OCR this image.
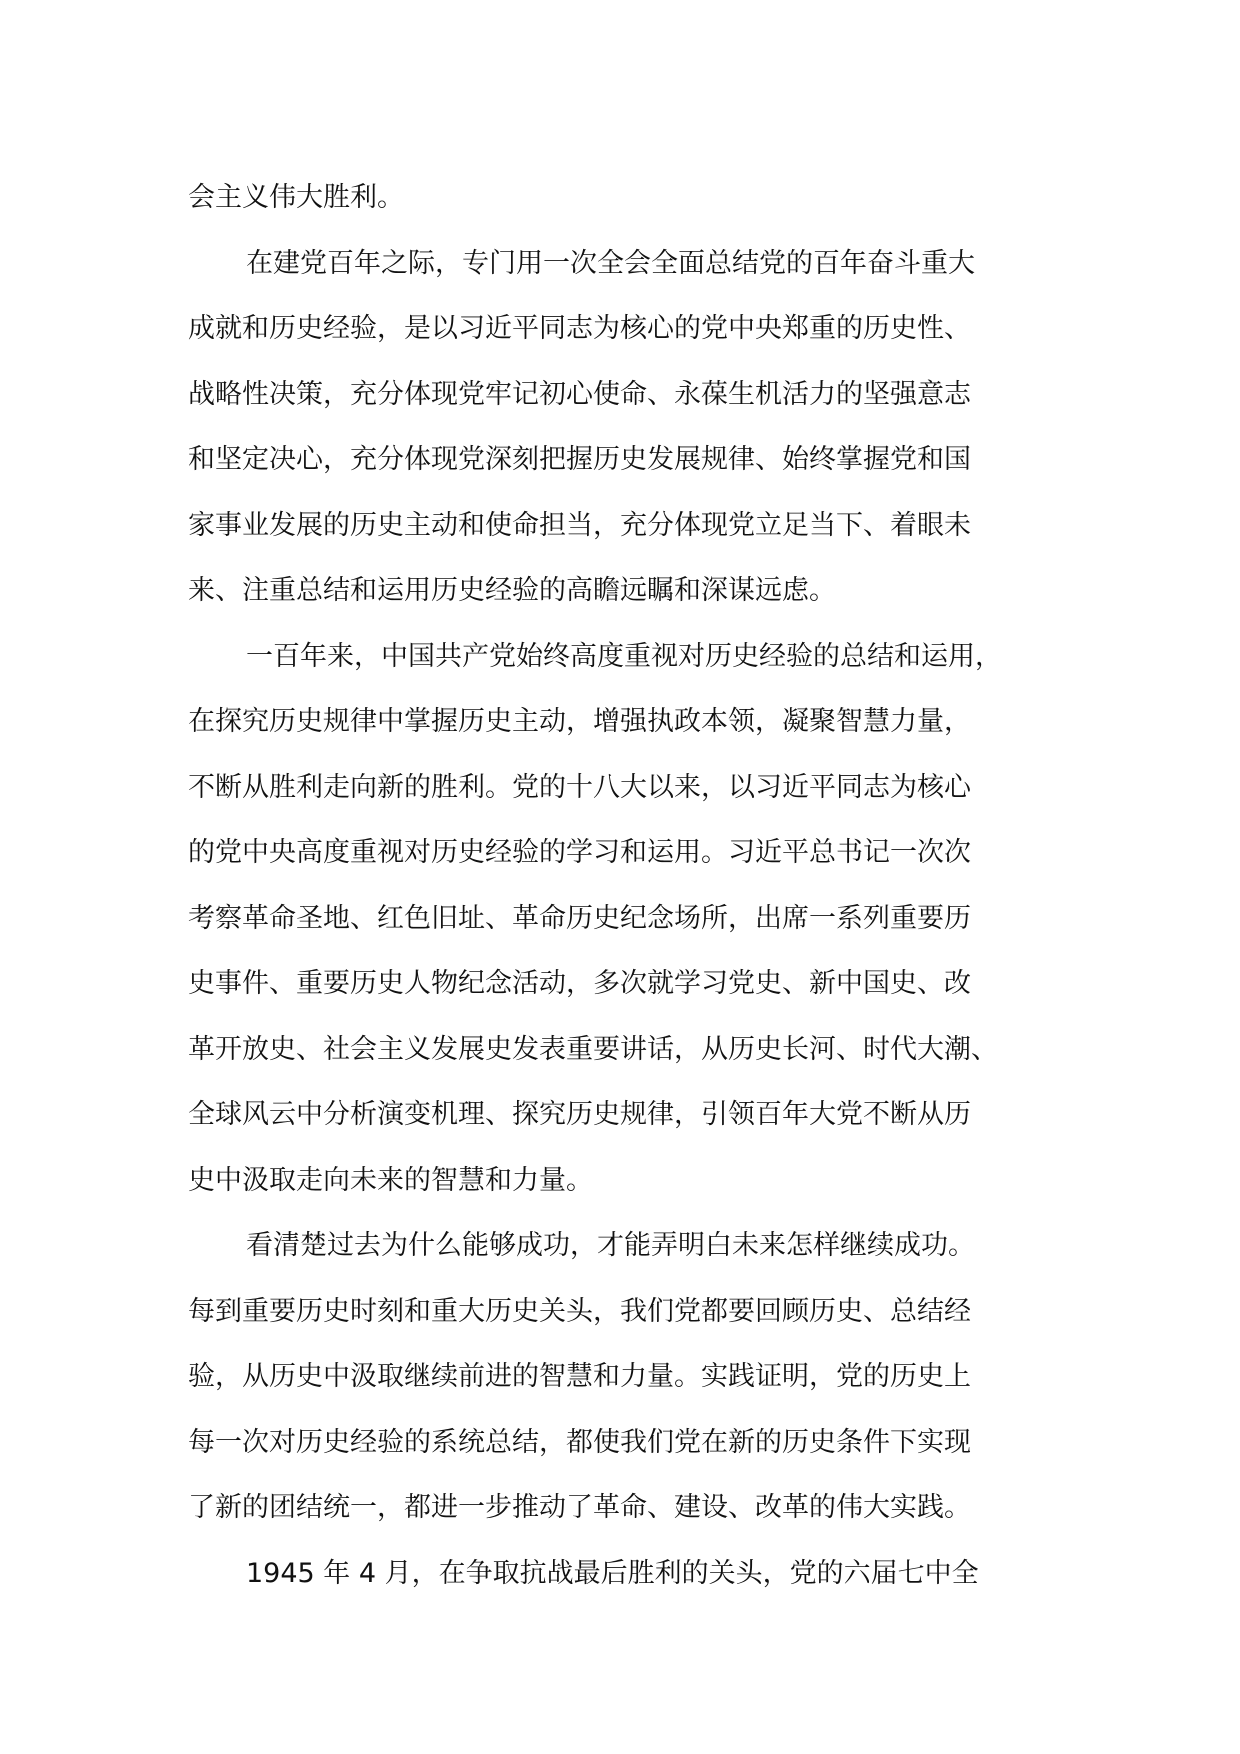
会主义伟大胜利。
在建党百年之际，专门用一次全会全面总结党的百年奋斗重大
成就和历史经验，是以习近平同志为核心的党中央郑重的历史性、
战略性决策，充分体现党牢记初心使命、永葆生机活力的坚强意志
和坚定决心，充分体现党深刻把握历史发展规律、始终掌握党和国
家事业发展的历史主动和使命担当，充分体现党立足当下、着眼未
来、注重总结和运用历史经验的高瞻远瞩和深谋远虑。
一百年来，中国共产党始终高度重视对历史经验的总结和运用，
在探究历史规律中掌握历史主动，增强执政本领，凝聚智慧力量，
不断从胜利走向新的胜利。党的十八大以来，以习近平同志为核心
的党中央高度重视对历史经验的学习和运用。习近平总书记一次次
考察革命圣地、红色旧址、革命历史纪念场所，出席一系列重要历
史事件、重要历史人物纪念活动，多次就学习党史、新中国史、改
革开放史、社会主义发展史发表重要讲话，从历史长河、时代大潮、
全球风云中分析演变机理、探究历史规律，引领百年大党不断从历
史中汲取走向未来的智慧和力量。
看清楚过去为什么能够成功，才能弄明白未来怎样继续成功。
每到重要历史时刻和重大历史关头，我们党都要回顾历史、总结经
验，从历史中汲取继续前进的智慧和力量。实践证明，党的历史上
每一次对历史经验的系统总结，都使我们党在新的历史条件下实现
了新的团结统一，都进一步推动了革命、建设、改革的伟大实践。
1945 年 4 月，在争取抗战最后胜利的关头，党的六届七中全
